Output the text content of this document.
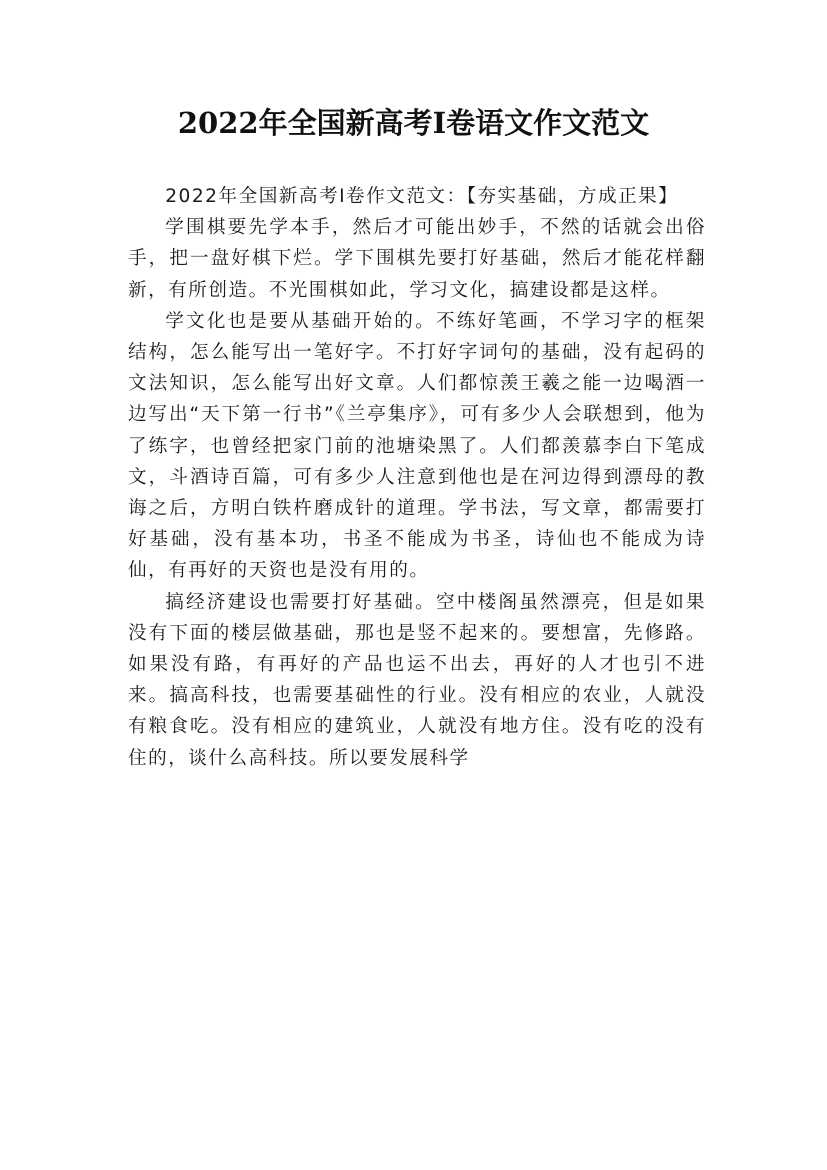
2022年全国新高考Ⅰ卷语文作文范文

2022年全国新高考Ⅰ卷作文范文：【夯实基础，方成正果】

学围棋要先学本手，然后才可能出妙手，不然的话就会出俗手，把一盘好棋下烂。学下围棋先要打好基础，然后才能花样翻新，有所创造。不光围棋如此，学习文化，搞建设都是这样。

学文化也是要从基础开始的。不练好笔画，不学习字的框架结构，怎么能写出一笔好字。不打好字词句的基础，没有起码的文法知识，怎么能写出好文章。人们都惊羡王羲之能一边喝酒一边写出“天下第一行书”《兰亭集序》，可有多少人会联想到，他为了练字，也曾经把家门前的池塘染黑了。人们都羡慕李白下笔成文，斗酒诗百篇，可有多少人注意到他也是在河边得到漂母的教诲之后，方明白铁杵磨成针的道理。学书法，写文章，都需要打好基础，没有基本功，书圣不能成为书圣，诗仙也不能成为诗仙，有再好的天资也是没有用的。

搞经济建设也需要打好基础。空中楼阁虽然漂亮，但是如果没有下面的楼层做基础，那也是竖不起来的。要想富，先修路。如果没有路，有再好的产品也运不出去，再好的人才也引不进来。搞高科技，也需要基础性的行业。没有相应的农业，人就没有粮食吃。没有相应的建筑业，人就没有地方住。没有吃的没有住的，谈什么高科技。所以要发展科学
